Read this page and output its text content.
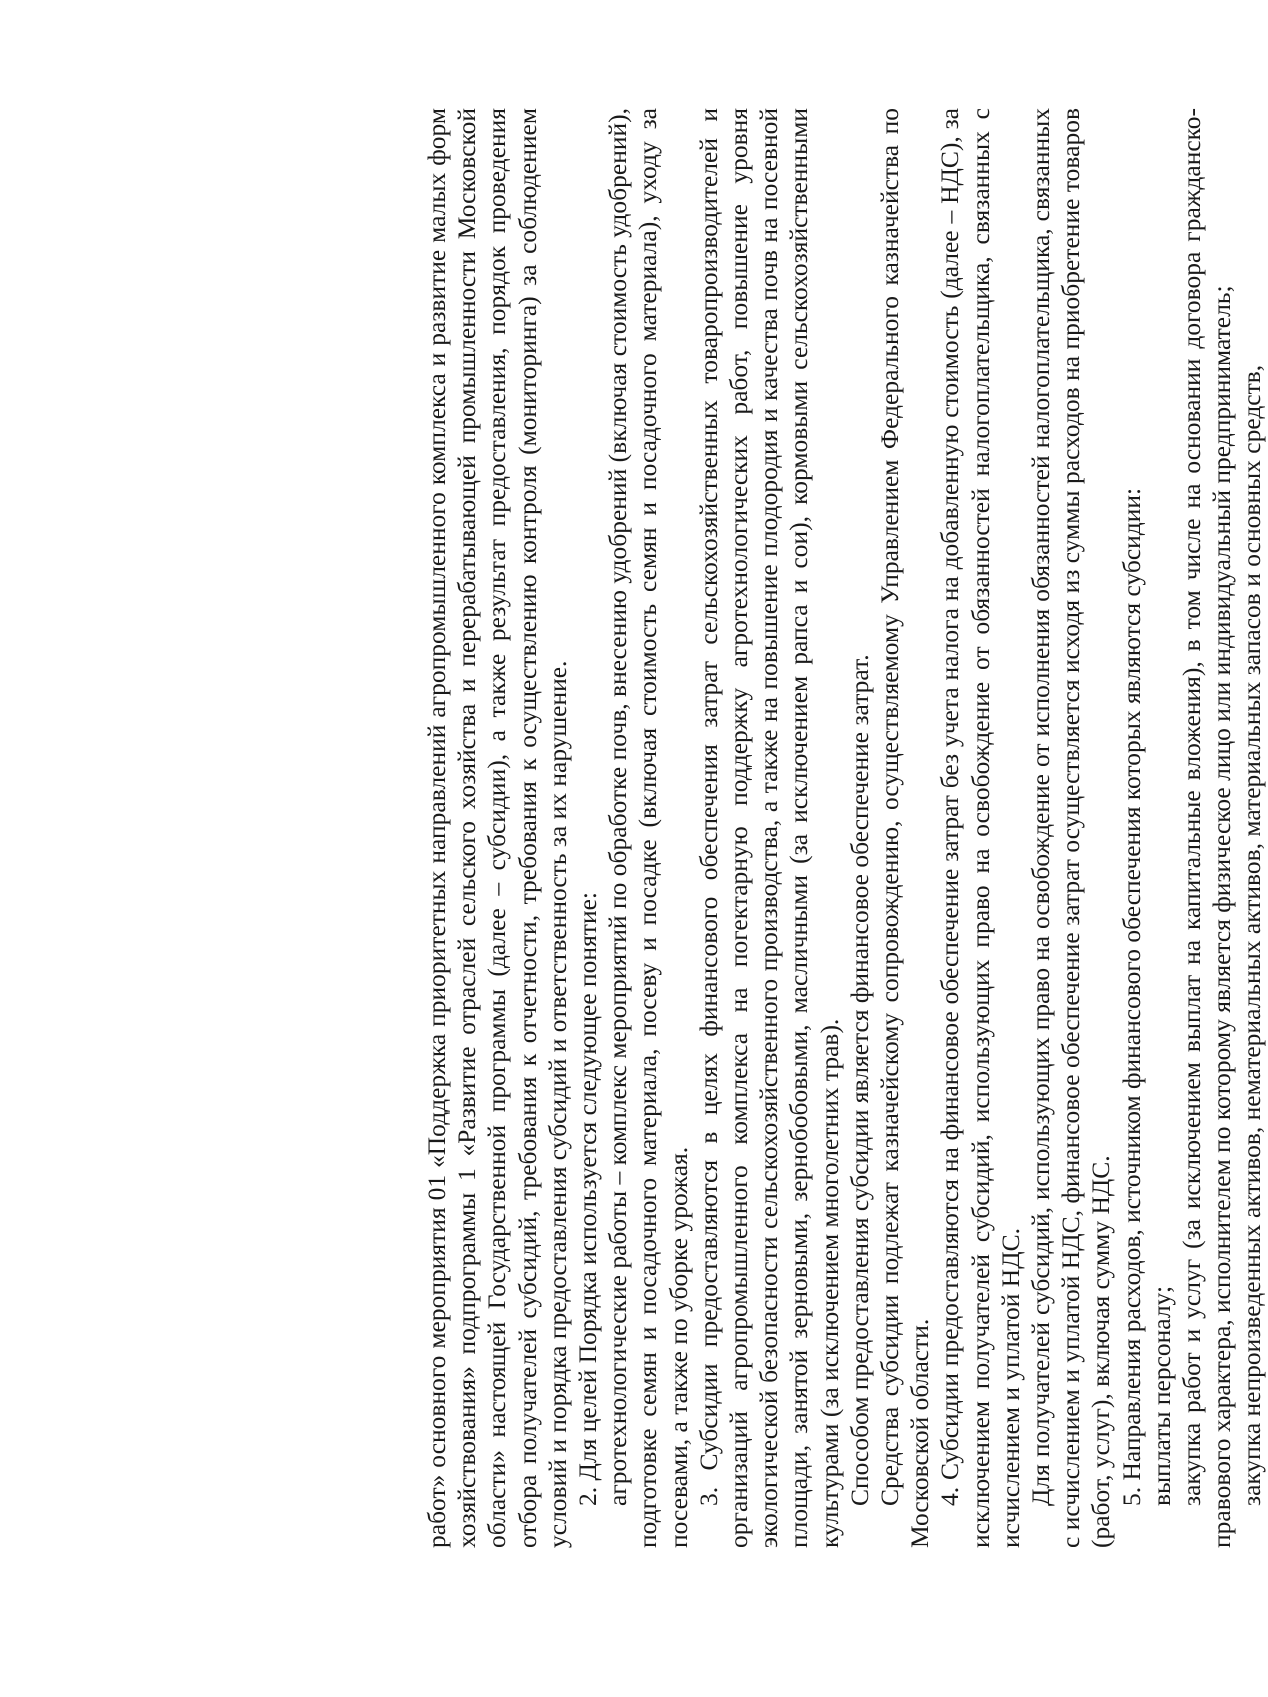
работ» основного мероприятия 01 «Поддержка приоритетных направлений агропромышленного комплекса и развитие малых форм хозяйствования» подпрограммы 1 «Развитие отраслей сельского хозяйства и перерабатывающей промышленности Московской области» настоящей Государственной программы (далее – субсидии), а также результат предоставления, порядок проведения отбора получателей субсидий, требования к отчетности, требования к осуществлению контроля (мониторинга) за соблюдением условий и порядка предоставления субсидий и ответственность за их нарушение. 2. Для целей Порядка используется следующее понятие: агротехнологические работы – комплекс мероприятий по обработке почв, внесению удобрений (включая стоимость удобрений), подготовке семян и посадочного материала, посеву и посадке (включая стоимость семян и посадочного материала), уходу за посевами, а также по уборке урожая. 3. Субсидии предоставляются в целях финансового обеспечения затрат сельскохозяйственных товаропроизводителей и организаций агропромышленного комплекса на погектарную поддержку агротехнологических работ, повышение уровня экологической безопасности сельскохозяйственного производства, а также на повышение плодородия и качества почв на посевной площади, занятой зерновыми, зернобобовыми, масличными (за исключением рапса и сои), кормовыми сельскохозяйственными культурами (за исключением многолетних трав). Способом предоставления субсидии является финансовое обеспечение затрат. Средства субсидии подлежат казначейскому сопровождению, осуществляемому Управлением Федерального казначейства по Московской области. 4. Субсидии предоставляются на финансовое обеспечение затрат без учета налога на добавленную стоимость (далее – НДС), за исключением получателей субсидий, использующих право на освобождение от обязанностей налогоплательщика, связанных с исчислением и уплатой НДС. Для получателей субсидий, использующих право на освобождение от исполнения обязанностей налогоплательщика, связанных с исчислением и уплатой НДС, финансовое обеспечение затрат осуществляется исходя из суммы расходов на приобретение товаров (работ, услуг), включая сумму НДС. 5. Направления расходов, источником финансового обеспечения которых являются субсидии: выплаты персоналу; закупка работ и услуг (за исключением выплат на капитальные вложения), в том числе на основании договора гражданско-правового характера, исполнителем по которому является физическое лицо или индивидуальный предприниматель; закупка непроизведенных активов, нематериальных активов, материальных запасов и основных средств,
